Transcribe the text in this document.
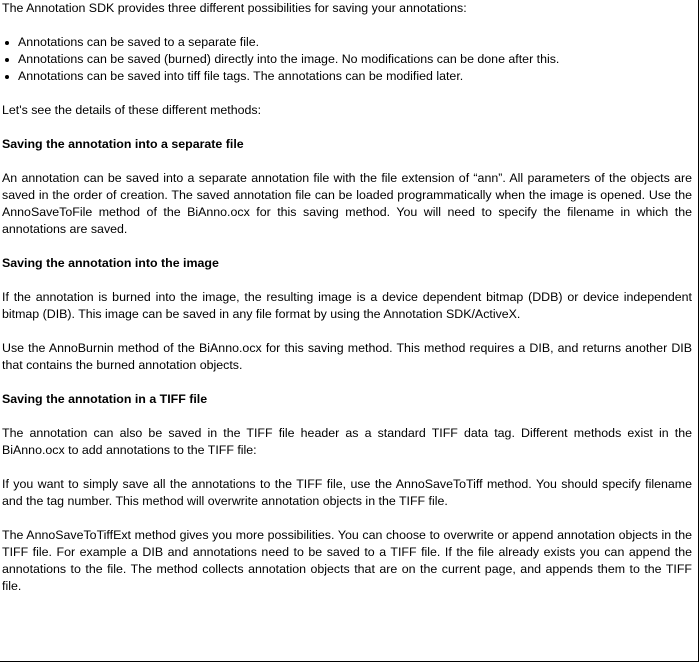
The Annotation SDK provides three different possibilities for saving your annotations:

Annotations can be saved to a separate file.
Annotations can be saved (burned) directly into the image. No modifications can be done after this.
Annotations can be saved into tiff file tags. The annotations can be modified later.

Let's see the details of these different methods:

Saving the annotation into a separate file

An annotation can be saved into a separate annotation file with the file extension of “ann”. All parameters of the objects are saved in the order of creation. The saved annotation file can be loaded programmatically when the image is opened. Use the AnnoSaveToFile method of the BiAnno.ocx for this saving method. You will need to specify the filename in which the annotations are saved.

Saving the annotation into the image

If the annotation is burned into the image, the resulting image is a device dependent bitmap (DDB) or device independent bitmap (DIB). This image can be saved in any file format by using the Annotation SDK/ActiveX.

Use the AnnoBurnin method of the BiAnno.ocx for this saving method. This method requires a DIB, and returns another DIB that contains the burned annotation objects.

Saving the annotation in a TIFF file

The annotation can also be saved in the TIFF file header as a standard TIFF data tag. Different methods exist in the BiAnno.ocx to add annotations to the TIFF file:

If you want to simply save all the annotations to the TIFF file, use the AnnoSaveToTiff method. You should specify filename and the tag number. This method will overwrite annotation objects in the TIFF file.

The AnnoSaveToTiffExt method gives you more possibilities. You can choose to overwrite or append annotation objects in the TIFF file. For example a DIB and annotations need to be saved to a TIFF file. If the file already exists you can append the annotations to the file. The method collects annotation objects that are on the current page, and appends them to the TIFF file.
